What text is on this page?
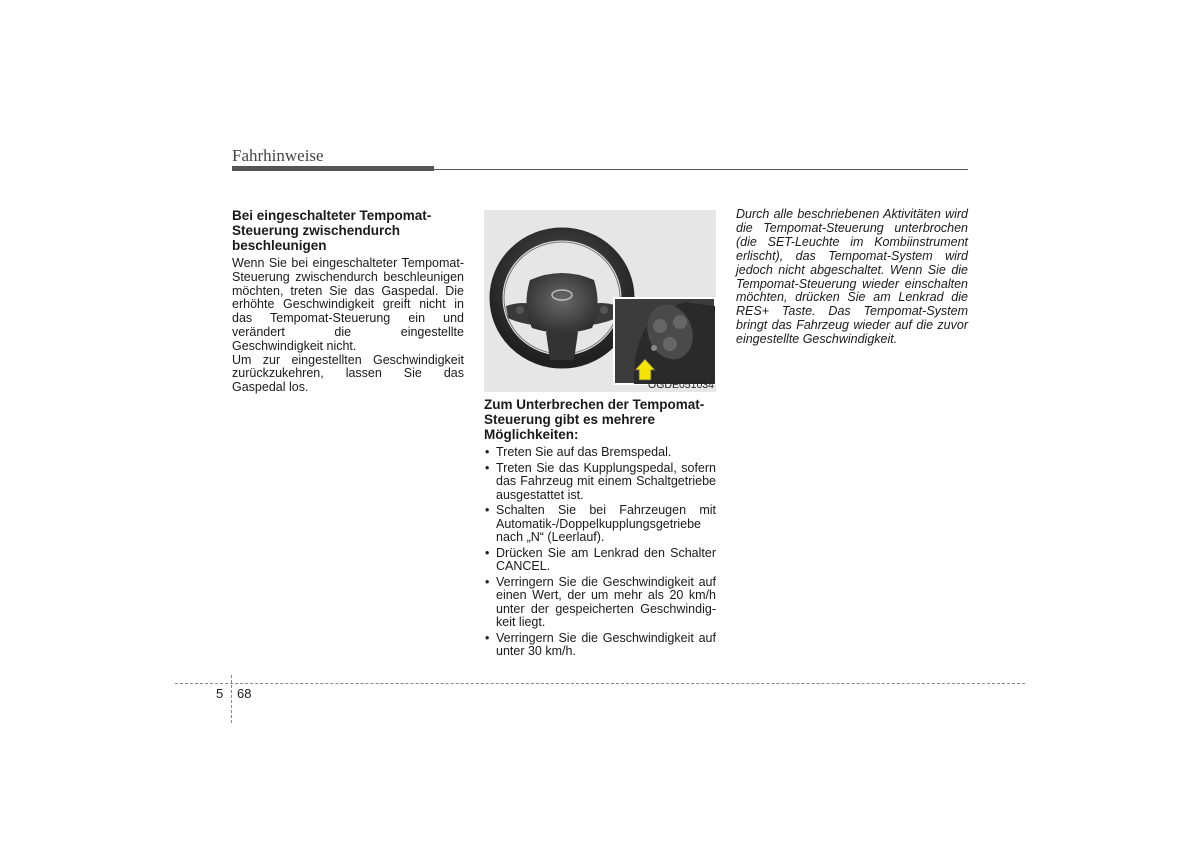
Fahrhinweise
Bei eingeschalteter Tempomat-Steuerung zwischendurch beschleunigen

Wenn Sie bei eingeschalteter Tempomat-Steuerung zwischendurch beschleunigen möchten, treten Sie das Gaspedal. Die erhöhte Geschwindigkeit greift nicht in das Tempomat-Steuerung ein und verändert die eingestellte Geschwindigkeit nicht.

Um zur eingestellten Geschwindigkeit zurückzukehren, lassen Sie das Gaspedal los.	OGDE051034
Zum Unterbrechen der Tempomat-Steuerung gibt es mehrere Möglichkeiten:
• Treten Sie auf das Bremspedal.
• Treten Sie das Kupplungspedal, sofern das Fahrzeug mit einem Schaltgetriebe ausgestattet ist.
• Schalten Sie bei Fahrzeugen mit Automatik-/Doppelkupplungsgetriebe nach „N“ (Leerlauf).
• Drücken Sie am Lenkrad den Schalter CANCEL.
• Verringern Sie die Geschwindigkeit auf einen Wert, der um mehr als 20 km/h unter der gespeicherten Geschwindigkeit liegt.
• Verringern Sie die Geschwindigkeit auf unter 30 km/h.

Durch alle beschriebenen Aktivitäten wird die Tempomat-Steuerung unterbrochen (die SET-Leuchte im Kombiinstrument erlischt), das Tempomat-System wird jedoch nicht abgeschaltet. Wenn Sie die Tempomat-Steuerung wieder einschalten möchten, drücken Sie am Lenkrad die RES+ Taste. Das Tempomat-System bringt das Fahrzeug wieder auf die zuvor eingestellte Geschwindigkeit.

5 68
